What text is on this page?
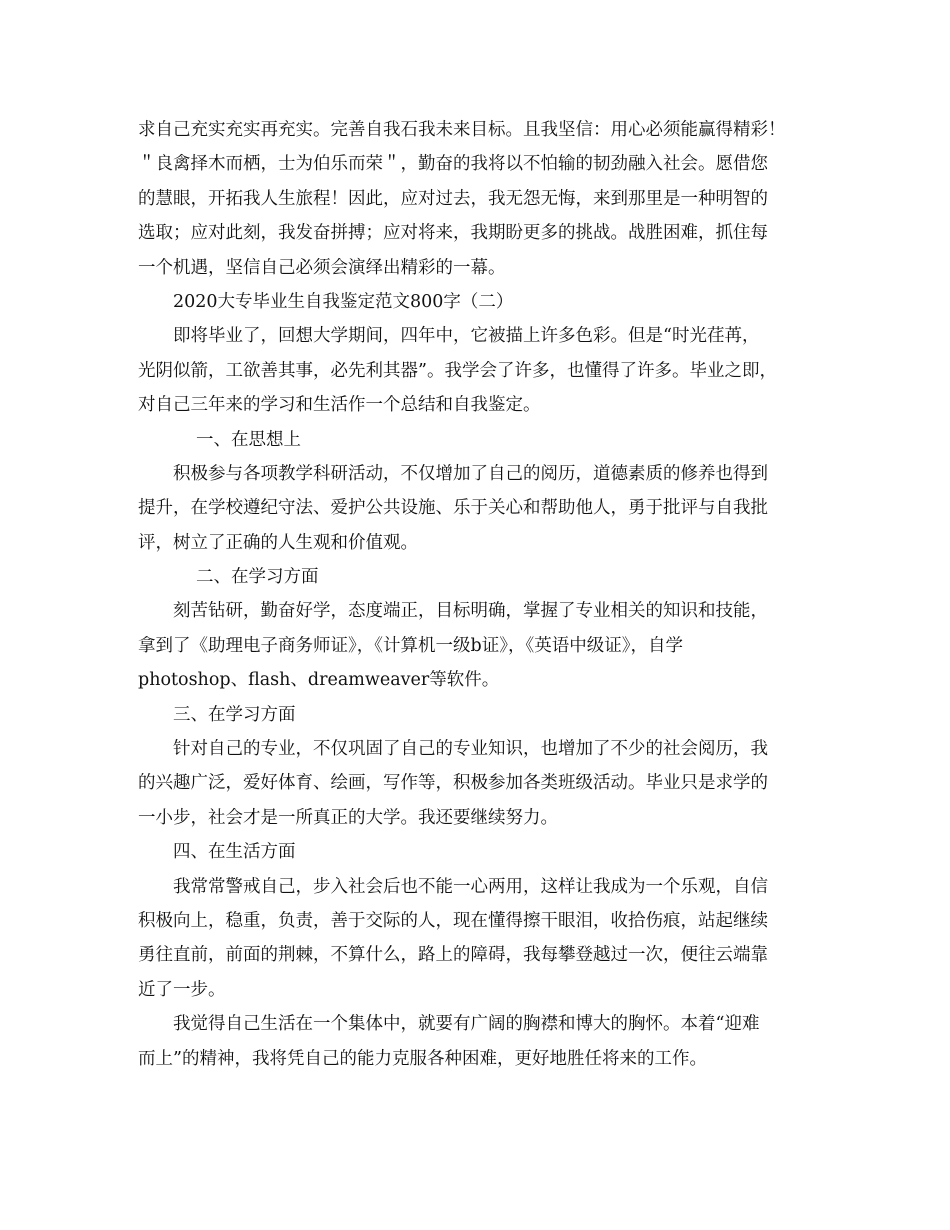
求自己充实充实再充实。完善自我石我未来目标。且我坚信：用心必须能赢得精彩！
＂良禽择木而栖，士为伯乐而荣＂，勤奋的我将以不怕输的韧劲融入社会。愿借您
的慧眼，开拓我人生旅程！因此，应对过去，我无怨无悔，来到那里是一种明智的
选取；应对此刻，我发奋拼搏；应对将来，我期盼更多的挑战。战胜困难，抓住每
一个机遇，坚信自己必须会演绎出精彩的一幕。
2020大专毕业生自我鉴定范文800字（二）
即将毕业了，回想大学期间，四年中，它被描上许多色彩。但是“时光荏苒，
光阴似箭，工欲善其事，必先利其器”。我学会了许多，也懂得了许多。毕业之即，
对自己三年来的学习和生活作一个总结和自我鉴定。
一、在思想上
积极参与各项教学科研活动，不仅增加了自己的阅历，道德素质的修养也得到
提升，在学校遵纪守法、爱护公共设施、乐于关心和帮助他人，勇于批评与自我批
评，树立了正确的人生观和价值观。
二、在学习方面
刻苦钻研，勤奋好学，态度端正，目标明确，掌握了专业相关的知识和技能，
拿到了《助理电子商务师证》，《计算机一级b证》，《英语中级证》，自学
photoshop、flash、dreamweaver等软件。
三、在学习方面
针对自己的专业，不仅巩固了自己的专业知识，也增加了不少的社会阅历，我
的兴趣广泛，爱好体育、绘画，写作等，积极参加各类班级活动。毕业只是求学的
一小步，社会才是一所真正的大学。我还要继续努力。
四、在生活方面
我常常警戒自己，步入社会后也不能一心两用，这样让我成为一个乐观，自信
积极向上，稳重，负责，善于交际的人，现在懂得擦干眼泪，收拾伤痕，站起继续
勇往直前，前面的荆棘，不算什么，路上的障碍，我每攀登越过一次，便往云端靠
近了一步。
我觉得自己生活在一个集体中，就要有广阔的胸襟和博大的胸怀。本着“迎难
而上”的精神，我将凭自己的能力克服各种困难，更好地胜任将来的工作。
